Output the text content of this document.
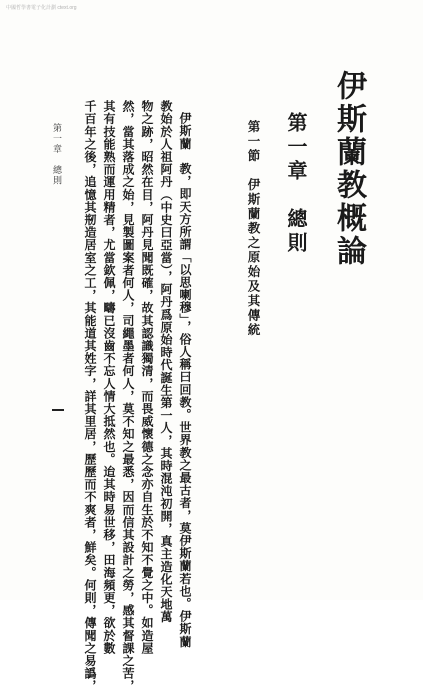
中國哲學書電子化計劃 ctext.org
伊斯蘭教概論
第一章　總則
第一節　伊斯蘭教之原始及其傳統

伊斯蘭　教，即天方所謂「以思喇穆」，俗人稱曰回教。世界教之最古者，莫伊斯蘭若也。伊斯蘭

教始於人祖阿丹（中史曰亞當），阿丹爲原始時代誕生第一人，其時混沌初開，真主造化天地萬

物之跡，昭然在目，阿丹見聞既確，故其認識獨清，而畏威懷德之念亦自生於不知不覺之中。如造屋

然，當其落成之始，見製圖案者何人，司繩墨者何人，莫不知之最悉，因而信其設計之勞，感其督課之苦，

其有技能熟而運用精者，尤當欽佩，疇已沒齒不忘人情大抵然也。迨其時易世移，田海頻更，欲於數

千百年之後，追憶其剏造居室之工，其能道其姓字，詳其里居，歷歷而不爽者，鮮矣。何則，傳聞之易譌，

第一章　總則
